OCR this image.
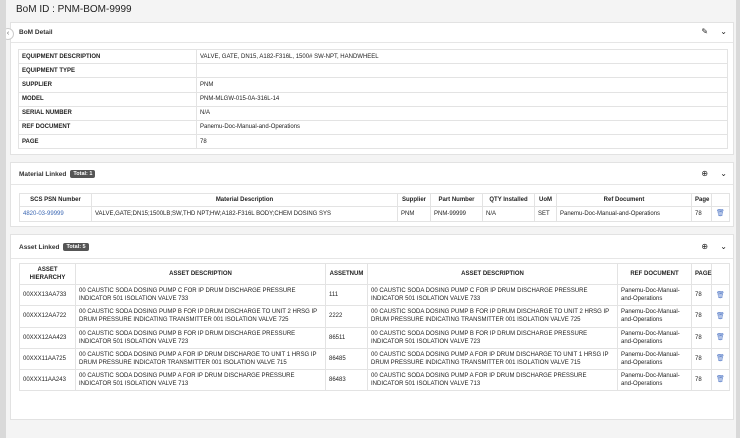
‹
BoM ID : PNM-BOM-9999
BoM Detail	✎ ⌄
EQUIPMENT DESCRIPTION	VALVE, GATE, DN15, A182-F316L, 1500# SW-NPT, HANDWHEEL
EQUIPMENT TYPE	
SUPPLIER	PNM
MODEL	PNM-MLGW-015-0A-316L-14
SERIAL NUMBER	N/A
REF DOCUMENT	Panemu-Doc-Manual-and-Operations
PAGE	78
Material Linked Total: 1	⊕ ⌄
SCS PSN Number	Material Description	Supplier	Part Number	QTY Installed	UoM	Ref Document	Page	
4820-03-99999	VALVE,GATE;DN15;1500LB;SW,THD NPT;HW;A182-F316L BODY;CHEM DOSING SYS	PNM	PNM-99999	N/A	SET	Panemu-Doc-Manual-and-Operations	78	🗑
Asset Linked Total: 5	⊕ ⌄
ASSET HIERARCHY	ASSET DESCRIPTION	ASSETNUM	ASSET DESCRIPTION	REF DOCUMENT	PAGE	
00XXX13AA733	00 CAUSTIC SODA DOSING PUMP C FOR IP DRUM DISCHARGE PRESSURE INDICATOR 501 ISOLATION VALVE 733	111	00 CAUSTIC SODA DOSING PUMP C FOR IP DRUM DISCHARGE PRESSURE INDICATOR 501 ISOLATION VALVE 733	Panemu-Doc-Manual-and-Operations	78	🗑
00XXX12AA722	00 CAUSTIC SODA DOSING PUMP B FOR IP DRUM DISCHARGE TO UNIT 2 HRSG IP DRUM PRESSURE INDICATING TRANSMITTER 001 ISOLATION VALVE 725	2222	00 CAUSTIC SODA DOSING PUMP B FOR IP DRUM DISCHARGE TO UNIT 2 HRSG IP DRUM PRESSURE INDICATING TRANSMITTER 001 ISOLATION VALVE 725	Panemu-Doc-Manual-and-Operations	78	🗑
00XXX12AA423	00 CAUSTIC SODA DOSING PUMP B FOR IP DRUM DISCHARGE PRESSURE INDICATOR 501 ISOLATION VALVE 723	86511	00 CAUSTIC SODA DOSING PUMP B FOR IP DRUM DISCHARGE PRESSURE INDICATOR 501 ISOLATION VALVE 723	Panemu-Doc-Manual-and-Operations	78	🗑
00XXX11AA725	00 CAUSTIC SODA DOSING PUMP A FOR IP DRUM DISCHARGE TO UNIT 1 HRSG IP DRUM PRESSURE INDICATOR TRANSMITTER 001 ISOLATION VALVE 715	86485	00 CAUSTIC SODA DOSING PUMP A FOR IP DRUM DISCHARGE TO UNIT 1 HRSG IP DRUM PRESSURE INDICATING TRANSMITTER 001 ISOLATION VALVE 715	Panemu-Doc-Manual-and-Operations	78	🗑
00XXX11AA243	00 CAUSTIC SODA DOSING PUMP A FOR IP DRUM DISCHARGE PRESSURE INDICATOR 501 ISOLATION VALVE 713	86483	00 CAUSTIC SODA DOSING PUMP A FOR IP DRUM DISCHARGE PRESSURE INDICATOR 501 ISOLATION VALVE 713	Panemu-Doc-Manual-and-Operations	78	🗑
